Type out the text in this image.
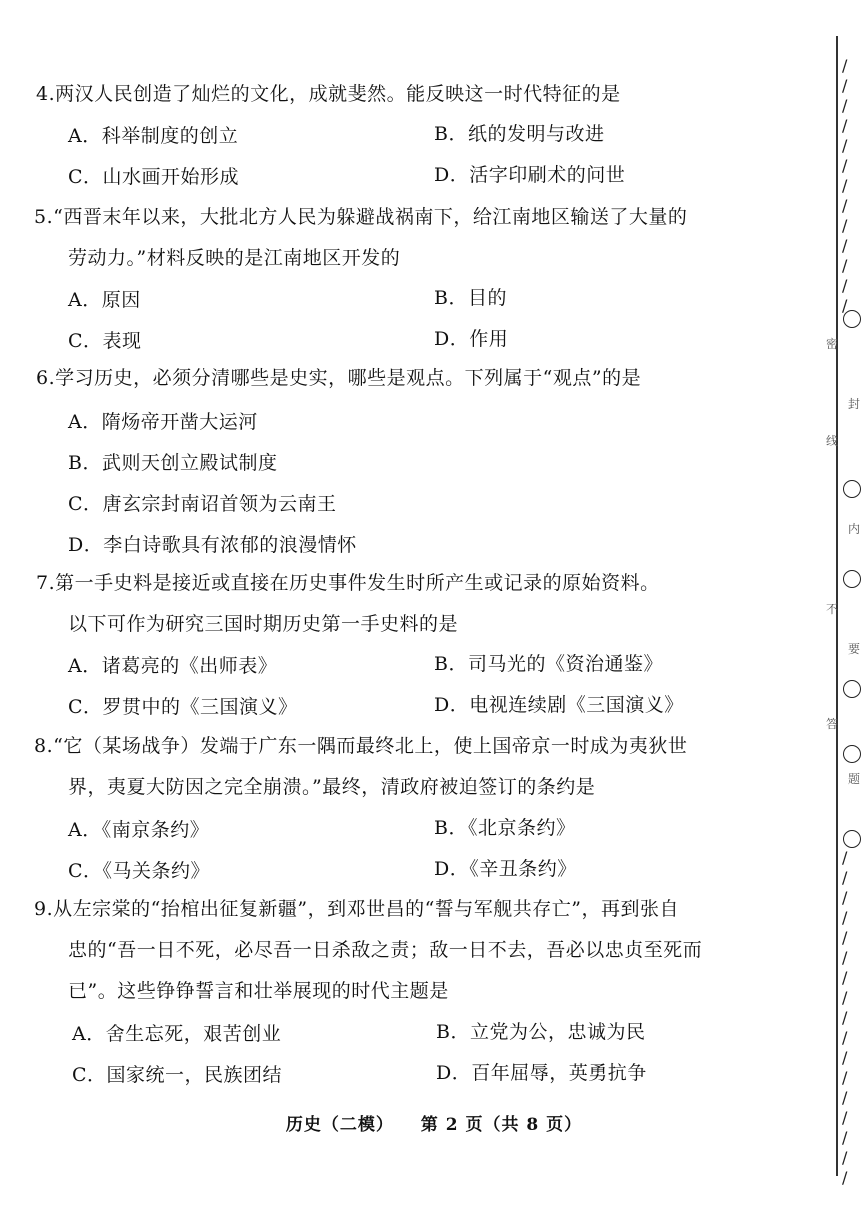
4.两汉人民创造了灿烂的文化，成就斐然。能反映这一时代特征的是
A．科举制度的创立	B．纸的发明与改进
C．山水画开始形成	D．活字印刷术的问世
5.“西晋末年以来，大批北方人民为躲避战祸南下，给江南地区输送了大量的
劳动力。”材料反映的是江南地区开发的
A．原因	B．目的
C．表现	D．作用
6.学习历史，必须分清哪些是史实，哪些是观点。下列属于“观点”的是
A．隋炀帝开凿大运河
B．武则天创立殿试制度
C．唐玄宗封南诏首领为云南王
D．李白诗歌具有浓郁的浪漫情怀
7.第一手史料是接近或直接在历史事件发生时所产生或记录的原始资料。
以下可作为研究三国时期历史第一手史料的是
A．诸葛亮的《出师表》	B．司马光的《资治通鉴》
C．罗贯中的《三国演义》	D．电视连续剧《三国演义》
8.“它（某场战争）发端于广东一隅而最终北上，使上国帝京一时成为夷狄世
界，夷夏大防因之完全崩溃。”最终，清政府被迫签订的条约是
A．《南京条约》	B．《北京条约》
C．《马关条约》	D．《辛丑条约》
9.从左宗棠的“抬棺出征复新疆”，到邓世昌的“誓与军舰共存亡”，再到张自
忠的“吾一日不死，必尽吾一日杀敌之责；敌一日不去，吾必以忠贞至死而
已”。这些铮铮誓言和壮举展现的时代主题是
A．舍生忘死，艰苦创业	B．立党为公，忠诚为民
C．国家统一，民族团结	D．百年屈辱，英勇抗争
历史（二模） 第 2 页（共 8 页）
/
/
/
/
/
/
/
/
/
/
/
/
/
/
/
/
/
/
/
/
/
/
/
/
/
/
/
/
/
/
密
封
线
内
不
要
答
题
